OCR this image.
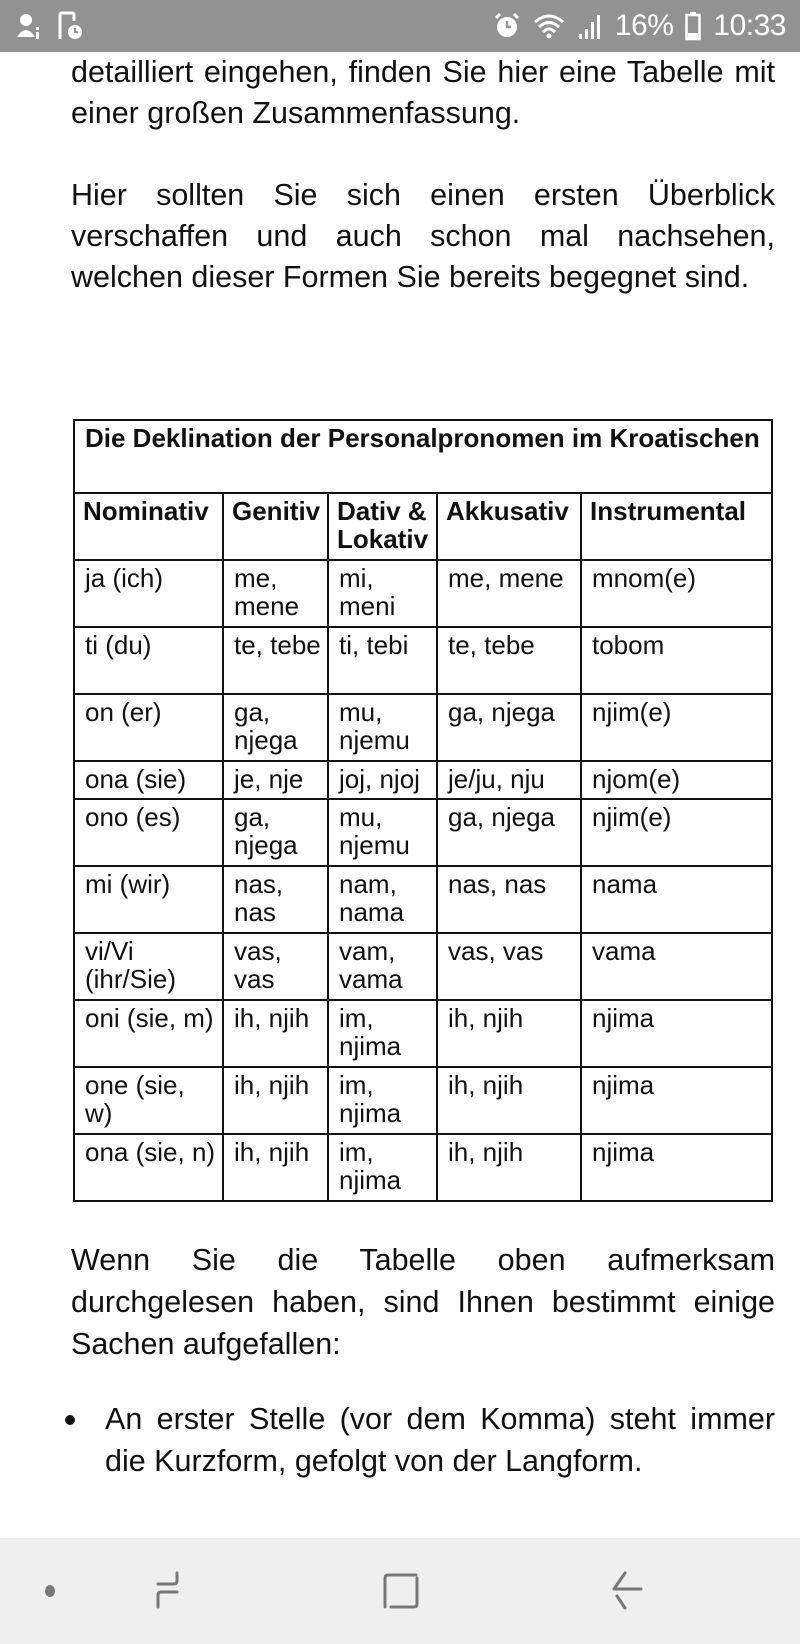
16% 10:33

detailliert eingehen, finden Sie hier eine Tabelle mit einer großen Zusammenfassung.

Hier sollten Sie sich einen ersten Überblick verschaffen und auch schon mal nachsehen, welchen dieser Formen Sie bereits begegnet sind.

Die Deklination der Personalpronomen im Kroatischen				
Nominativ	Genitiv	Dativ & Lokativ	Akkusativ	Instrumental
ja (ich)	me, mene	mi, meni	me, mene	mnom(e)
ti (du)	te, tebe	ti, tebi	te, tebe	tobom
on (er)	ga, njega	mu, njemu	ga, njega	njim(e)
ona (sie)	je, nje	joj, njoj	je/ju, nju	njom(e)
ono (es)	ga, njega	mu, njemu	ga, njega	njim(e)
mi (wir)	nas, nas	nam, nama	nas, nas	nama
vi/Vi (ihr/Sie)	vas, vas	vam, vama	vas, vas	vama
oni (sie, m)	ih, njih	im, njima	ih, njih	njima
one (sie, w)	ih, njih	im, njima	ih, njih	njima
ona (sie, n)	ih, njih	im, njima	ih, njih	njima

Wenn Sie die Tabelle oben aufmerksam durchgelesen haben, sind Ihnen bestimmt einige Sachen aufgefallen:

An erster Stelle (vor dem Komma) steht immer die Kurzform, gefolgt von der Langform.
